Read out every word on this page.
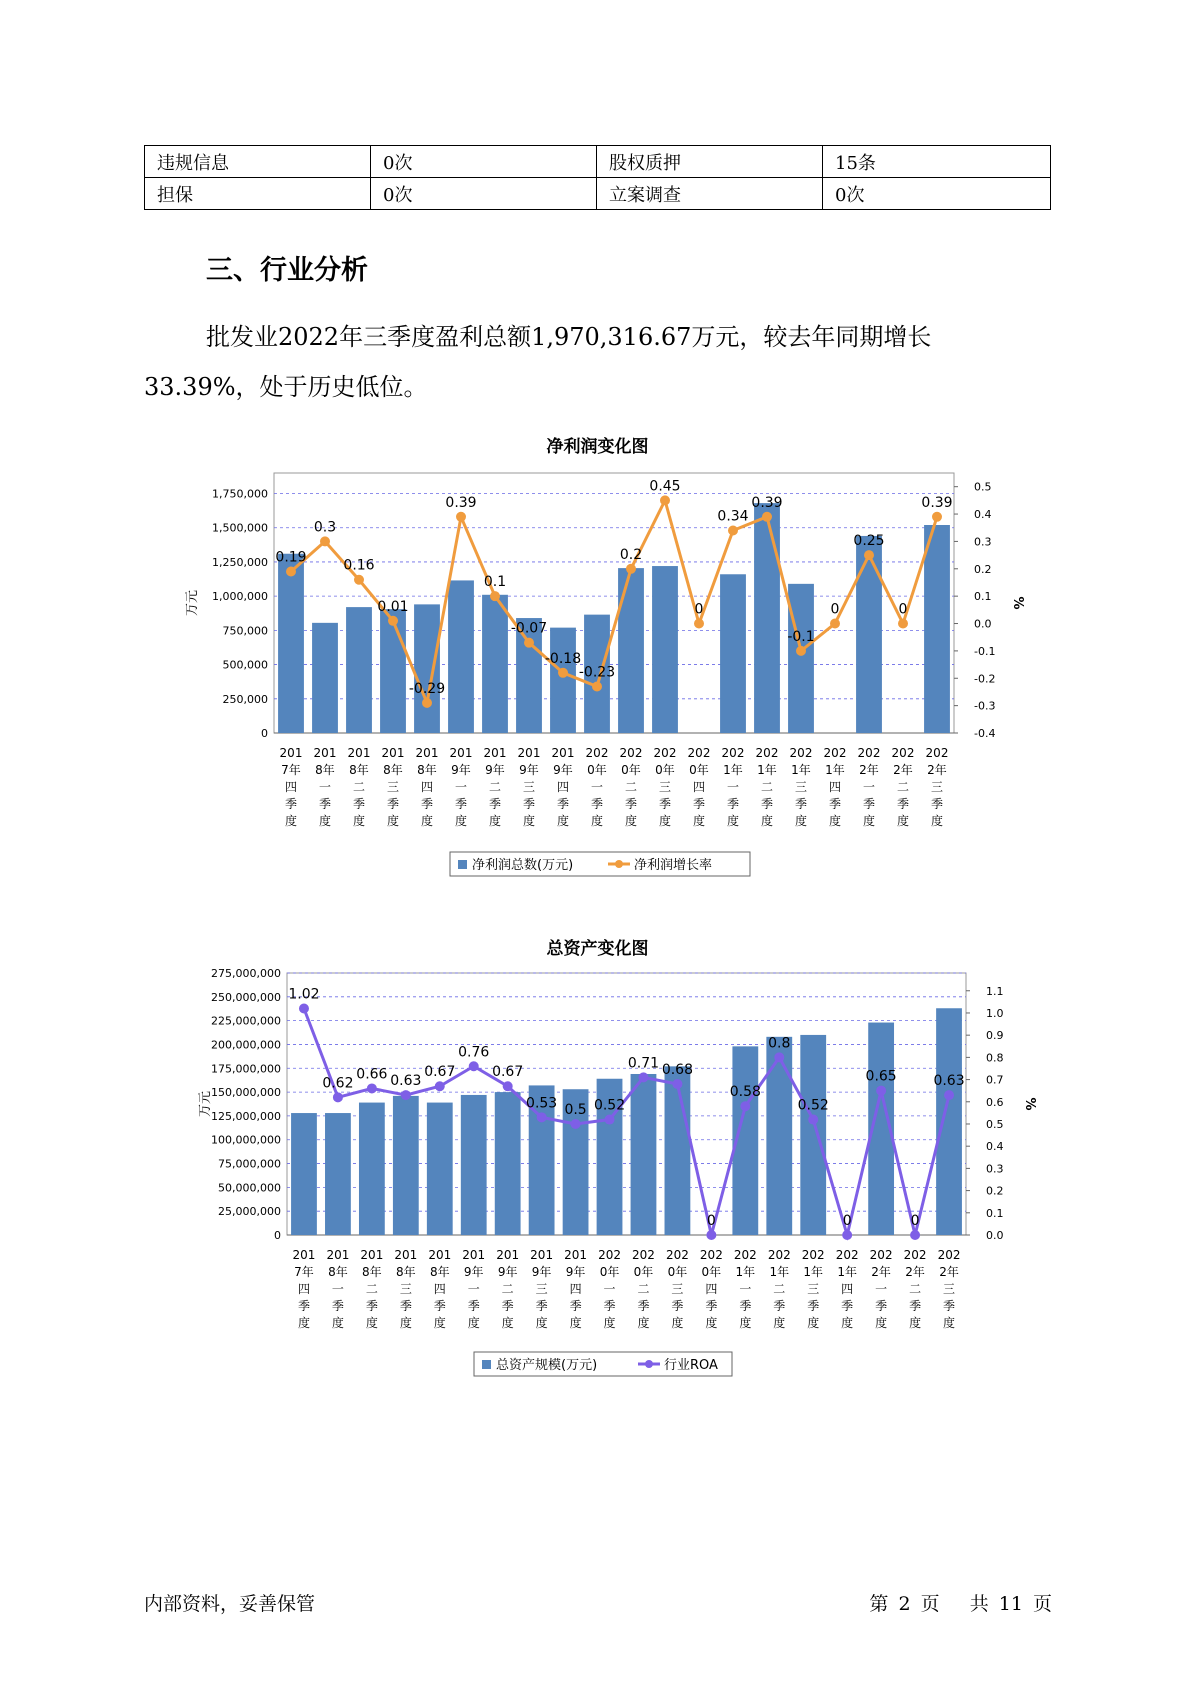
违规信息	0次	股权质押	15条
担保	0次	立案调查	0次
三、行业分析
批发业2022年三季度盈利总额1,970,316.67万元，较去年同期增长33.39%，处于历史低位。
净利润变化图
0
250,000
500,000
750,000
1,000,000
1,250,000
1,500,000
1,750,000
-0.4
-0.3
-0.2
-0.1
0.0
0.1
0.2
0.3
0.4
0.5
万元	%
201 7年四季度
201 8年一季度
201 8年二季度
201 8年三季度
201 8年四季度
201 9年一季度
201 9年二季度
201 9年三季度
201 9年四季度
202 0年一季度
202 0年二季度
202 0年三季度
202 0年四季度
202 1年一季度
202 1年二季度
202 1年三季度
202 1年四季度
202 2年一季度
202 2年二季度
202 2年三季度
0.19
0.3
0.16
0.01
-0.29
0.39
0.1
-0.07
-0.18
-0.23
0.2
0.45
0
0.34
0.39
-0.1
0
0.25
0
0.39
净利润总数(万元)	净利润增长率
总资产变化图
0
25,000,000
50,000,000
75,000,000
100,000,000
125,000,000
150,000,000
175,000,000
200,000,000
225,000,000
250,000,000
275,000,000
0.0
0.1
0.2
0.3
0.4
0.5
0.6
0.7
0.8
0.9
1.0
1.1
万元	%
201 7年四季度
201 8年一季度
201 8年二季度
201 8年三季度
201 8年四季度
201 9年一季度
201 9年二季度
201 9年三季度
201 9年四季度
202 0年一季度
202 0年二季度
202 0年三季度
202 0年四季度
202 1年一季度
202 1年二季度
202 1年三季度
202 1年四季度
202 2年一季度
202 2年二季度
202 2年三季度
1.02
0.62
0.66 0.63
0.67
0.76
0.67
0.53 0.5 0.52
0.71 0.68
0
0.58
0.8
0.52
0
0.65
0
0.63
总资产规模(万元)	行业ROA
内部资料，妥善保管	第 2 页 共 11 页
